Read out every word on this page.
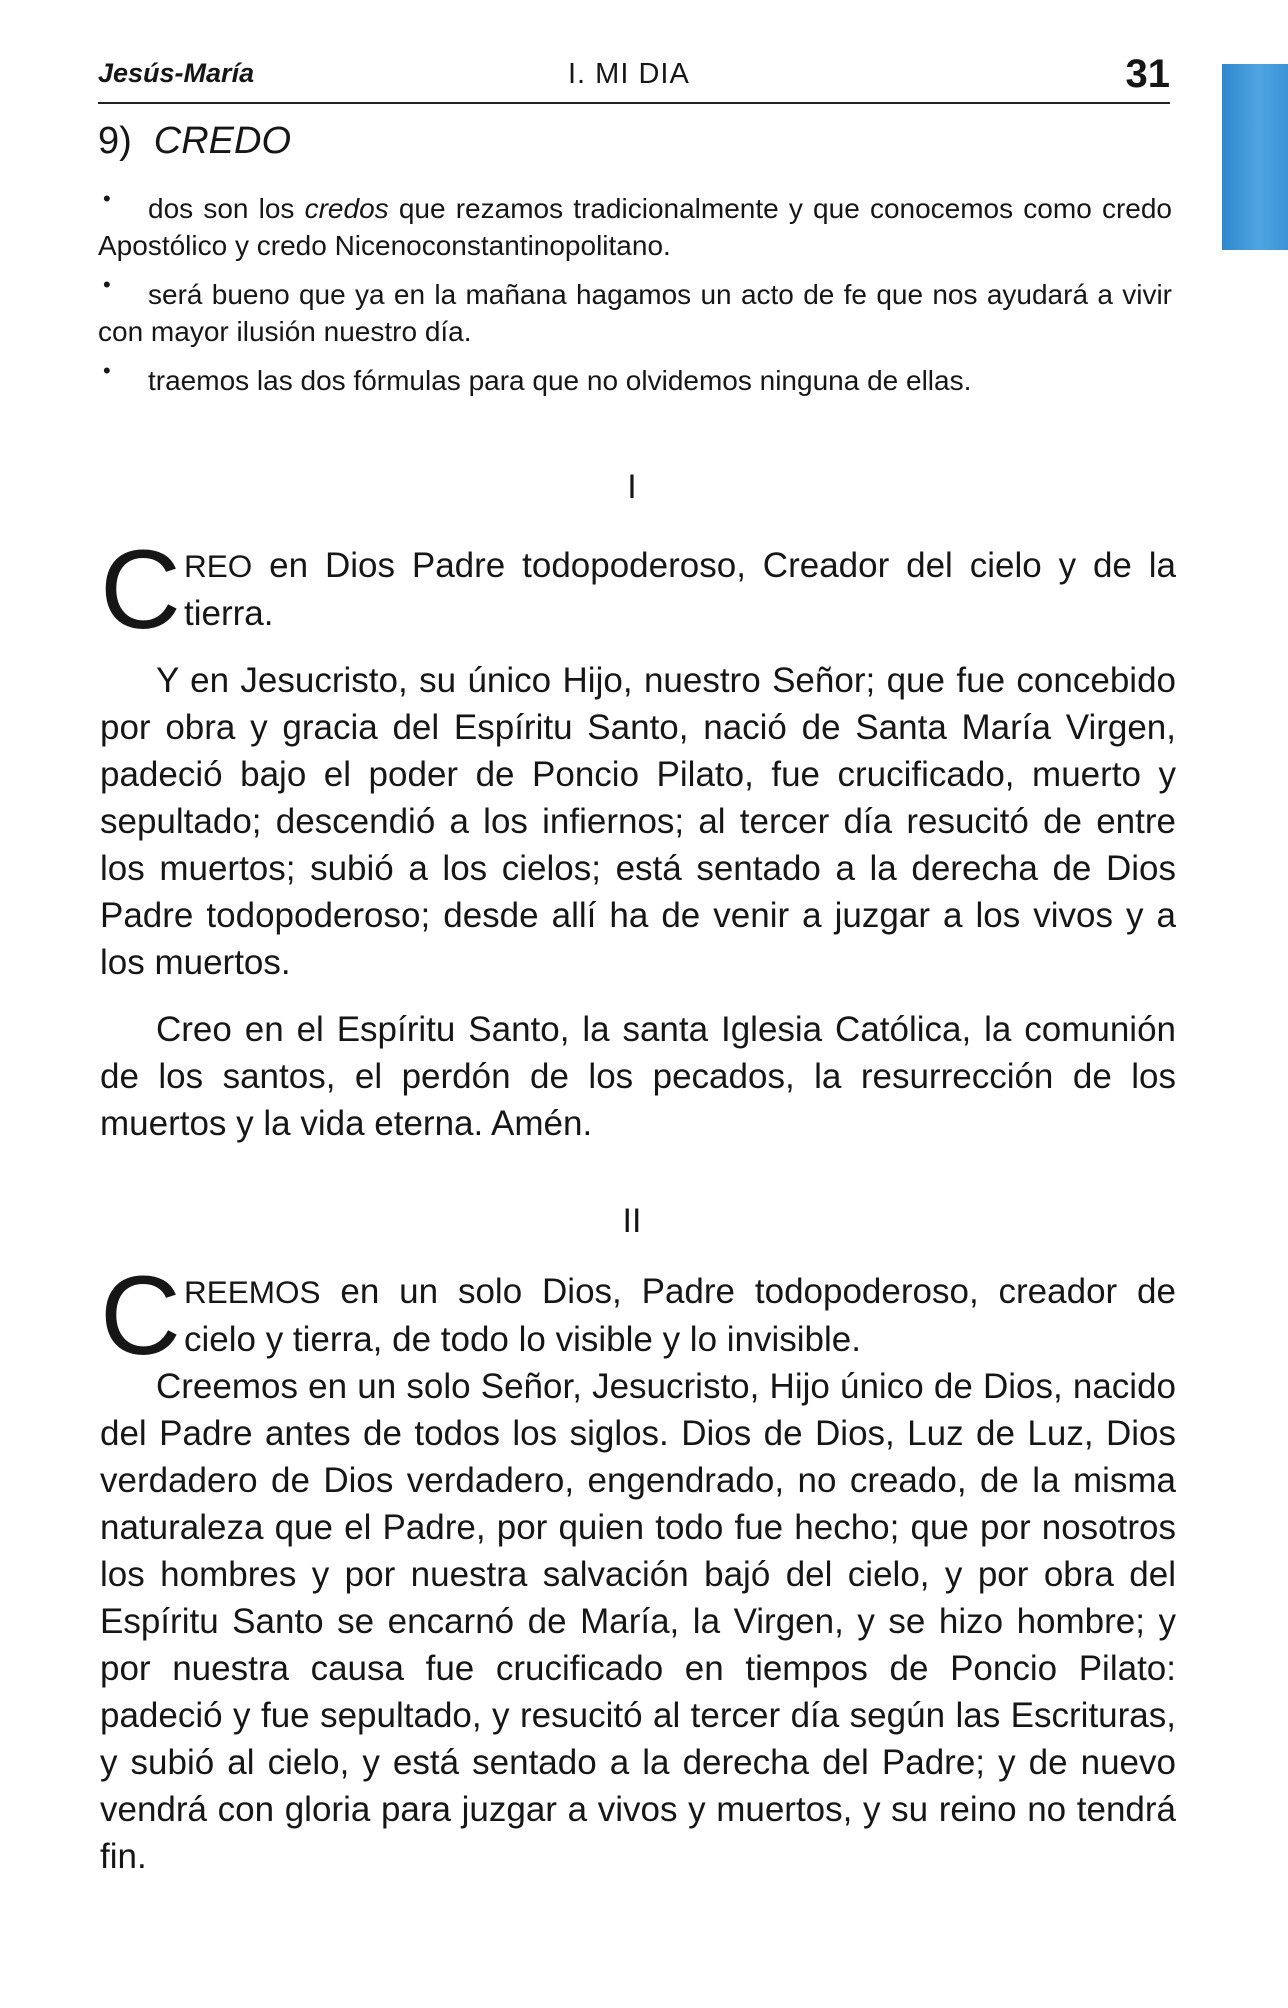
Jesús-María	I. MI DIA	31
9) CREDO
• dos son los credos que rezamos tradicionalmente y que conocemos como credo Apostólico y credo Nicenoconstantinopolitano.
• será bueno que ya en la mañana hagamos un acto de fe que nos ayudará a vivir con mayor ilusión nuestro día.
• traemos las dos fórmulas para que no olvidemos ninguna de ellas.
I

C REO en Dios Padre todopoderoso, Creador del cielo y de la tierra.

Y en Jesucristo, su único Hijo, nuestro Señor; que fue concebido por obra y gracia del Espíritu Santo, nació de Santa María Virgen, padeció bajo el poder de Poncio Pilato, fue crucificado, muerto y sepultado; descendió a los infiernos; al tercer día resucitó de entre los muertos; subió a los cielos; está sentado a la derecha de Dios Padre todopoderoso; desde allí ha de venir a juzgar a los vivos y a los muertos.

Creo en el Espíritu Santo, la santa Iglesia Católica, la comunión de los santos, el perdón de los pecados, la resurrección de los muertos y la vida eterna. Amén.

II

C REEMOS en un solo Dios, Padre todopoderoso, creador de cielo y tierra, de todo lo visible y lo invisible.

Creemos en un solo Señor, Jesucristo, Hijo único de Dios, nacido del Padre antes de todos los siglos. Dios de Dios, Luz de Luz, Dios verdadero de Dios verdadero, engendrado, no creado, de la misma naturaleza que el Padre, por quien todo fue hecho; que por nosotros los hombres y por nuestra salvación bajó del cielo, y por obra del Espíritu Santo se encarnó de María, la Virgen, y se hizo hombre; y por nuestra causa fue crucificado en tiempos de Poncio Pilato: padeció y fue sepultado, y resucitó al tercer día según las Escrituras, y subió al cielo, y está sentado a la derecha del Padre; y de nuevo vendrá con gloria para juzgar a vivos y muertos, y su reino no tendrá fin.
